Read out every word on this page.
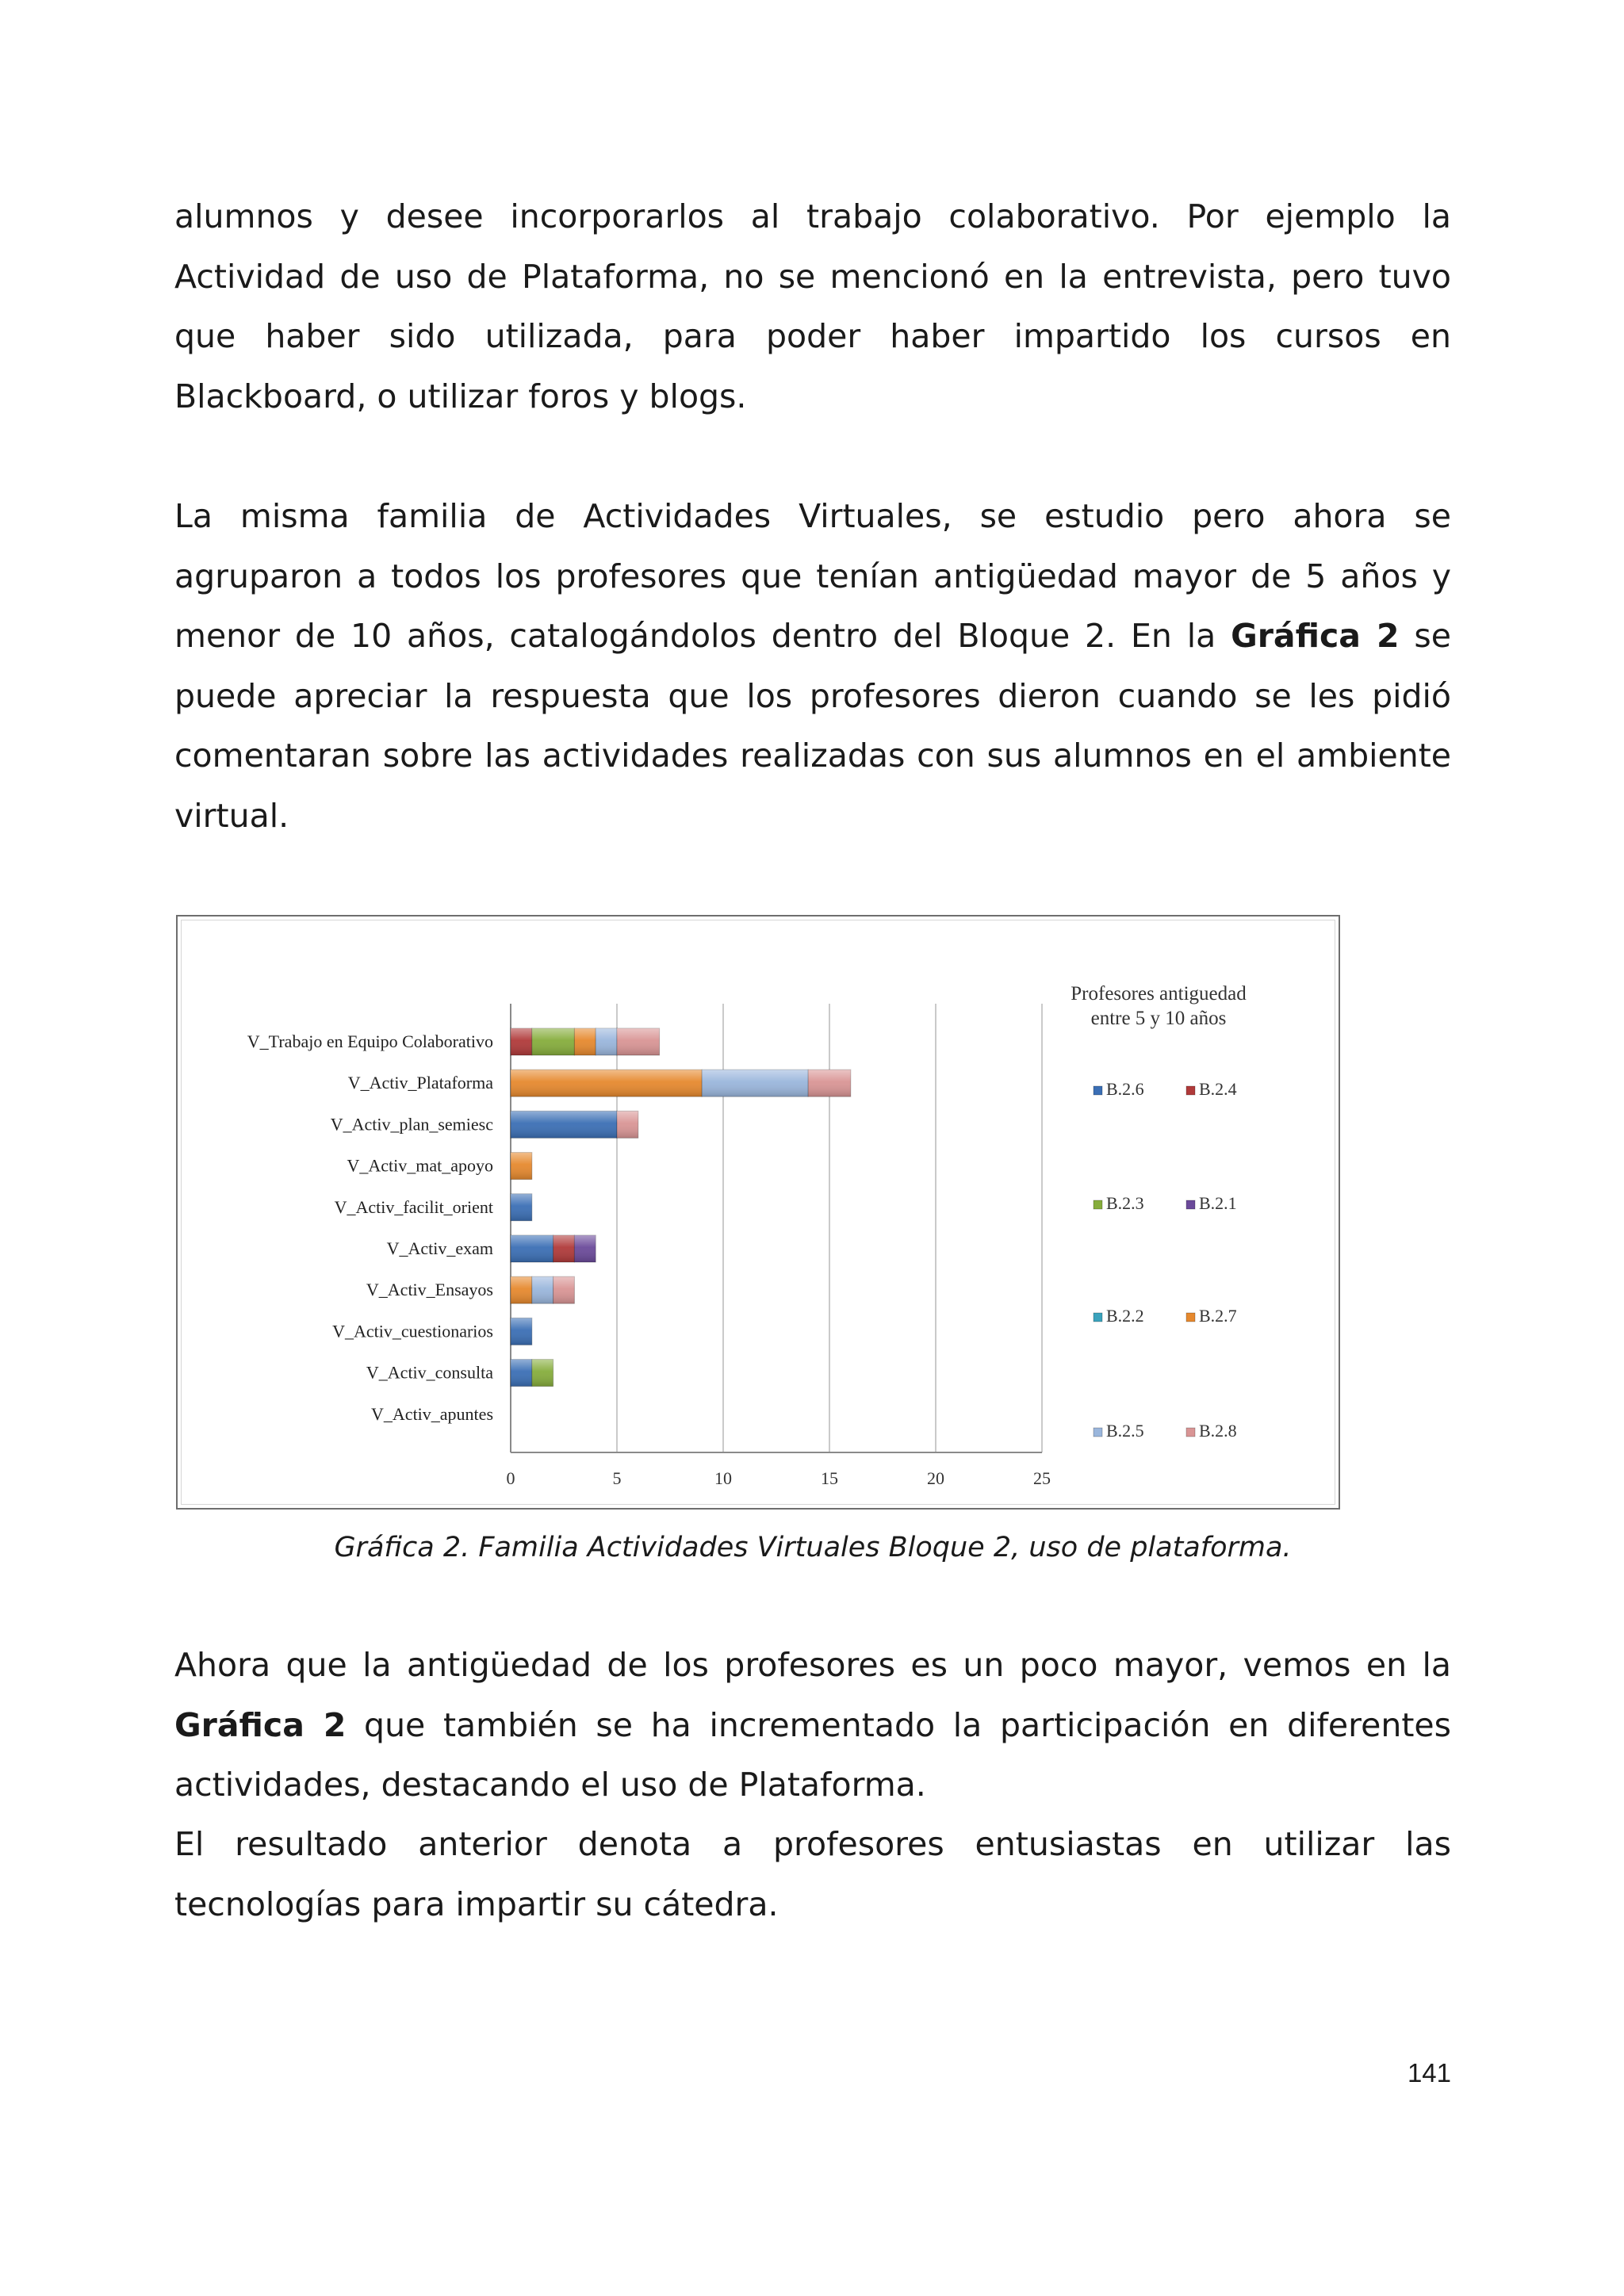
alumnos y desee incorporarlos al trabajo colaborativo. Por ejemplo la Actividad de uso de Plataforma, no se mencionó en la entrevista, pero tuvo que haber sido utilizada, para poder haber impartido los cursos en Blackboard, o utilizar foros y blogs.

La misma familia de Actividades Virtuales, se estudio pero ahora se agruparon a todos los profesores que tenían antigüedad mayor de 5 años y menor de 10 años, catalogándolos dentro del Bloque 2. En la Gráfica 2 se puede apreciar la respuesta que los profesores dieron cuando se les pidió comentaran sobre las actividades realizadas con sus alumnos en el ambiente virtual.

V_Trabajo en Equipo Colaborativo
V_Activ_Plataforma
V_Activ_plan_semiesc
V_Activ_mat_apoyo
V_Activ_facilit_orient
V_Activ_exam
V_Activ_Ensayos
V_Activ_cuestionarios
V_Activ_consulta
V_Activ_apuntes
0	5	10	15	20	25
Profesores antiguedad
entre 5 y 10 años
B.2.6	B.2.4
B.2.3	B.2.1
B.2.2	B.2.7
B.2.5	B.2.8

Gráfica 2. Familia Actividades Virtuales Bloque 2, uso de plataforma.

Ahora que la antigüedad de los profesores es un poco mayor, vemos en la Gráfica 2 que también se ha incrementado la participación en diferentes actividades, destacando el uso de Plataforma.

El resultado anterior denota a profesores entusiastas en utilizar las tecnologías para impartir su cátedra.

141
